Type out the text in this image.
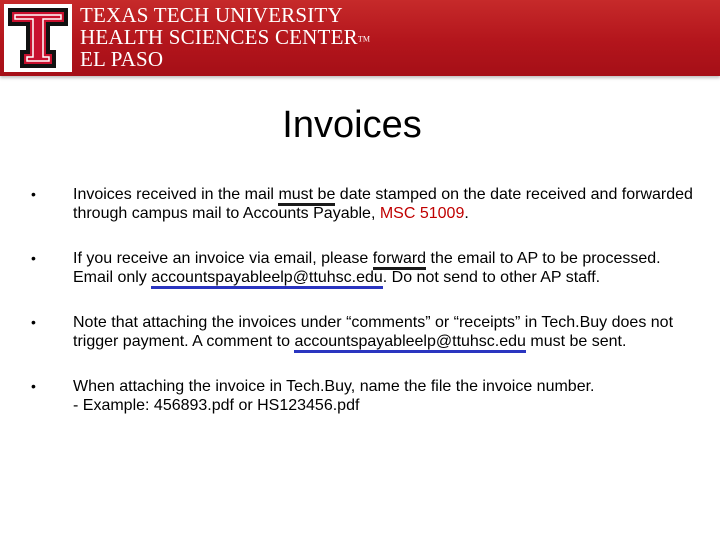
TEXAS TECH UNIVERSITY
HEALTH SCIENCES CENTERTM
EL PASO
Invoices
• Invoices received in the mail must be date stamped on the date received and forwarded through campus mail to Accounts Payable, MSC 51009.
• If you receive an invoice via email, please forward the email to AP to be processed. Email only accountspayableelp@ttuhsc.edu. Do not send to other AP staff.
• Note that attaching the invoices under “comments” or “receipts” in Tech.Buy does not trigger payment. A comment to accountspayableelp@ttuhsc.edu must be sent.
• When attaching the invoice in Tech.Buy, name the file the invoice number.
- Example: 456893.pdf or HS123456.pdf
